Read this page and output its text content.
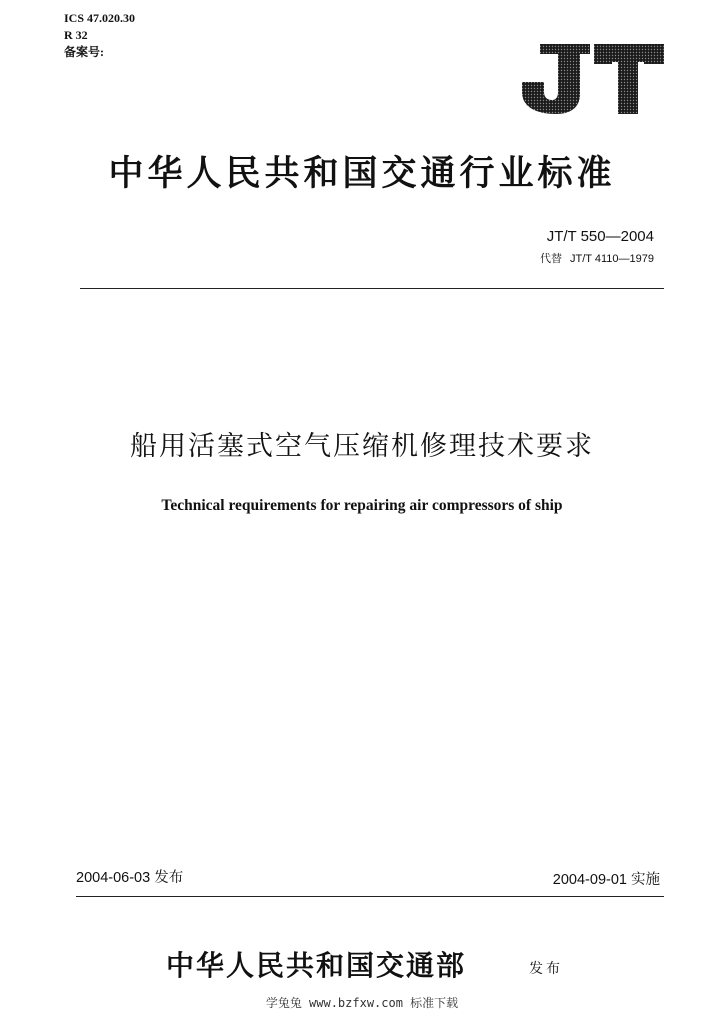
ICS 47.020.30
R 32
备案号:
中华人民共和国交通行业标准
JT/T 550—2004
代替 JT/T 4110—1979
船用活塞式空气压缩机修理技术要求
Technical requirements for repairing air compressors of ship
2004-06-03 发布	2004-09-01 实施
中华人民共和国交通部	发布
学兔兔 www.bzfxw.com 标准下载
